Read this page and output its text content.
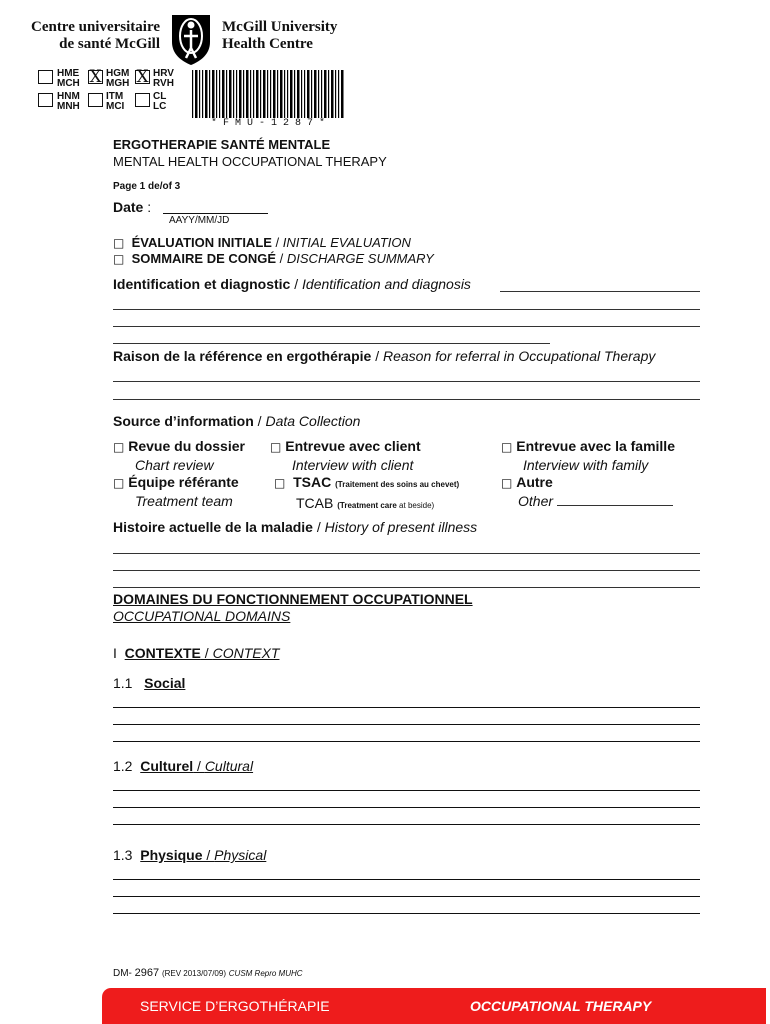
Centre universitaire
de santé McGill
McGill University
Health Centre
HME
MCH X HGM
MGH X HRV
RVH
HNM
MNH
ITM
MCI
CL
LC
* F M U - 1 2 8 7 *
ERGOTHERAPIE SANTÉ MENTALE
MENTAL HEALTH OCCUPATIONAL THERAPY
Page 1 de/of 3
Date :
AAYY/MM/JD
□ ÉVALUATION INITIALE / INITIAL EVALUATION
□ SOMMAIRE DE CONGÉ / DISCHARGE SUMMARY
Identification et diagnostic / Identification and diagnosis
Raison de la référence en ergothérapie / Reason for referral in Occupational Therapy
Source d’information / Data Collection
□ Revue du dossier
Chart review
□ Entrevue avec client
Interview with client
□ Entrevue avec la famille
Interview with family
□ Équipe référante
Treatment team
□ TSAC (Traitement des soins au chevet)
TCAB (Treatment care at beside)
□ Autre
Other
Histoire actuelle de la maladie / History of present illness
DOMAINES DU FONCTIONNEMENT OCCUPATIONNEL
OCCUPATIONAL DOMAINS
I CONTEXTE / CONTEXT
1.1 Social
1.2 Culturel / Cultural
1.3 Physique / Physical
DM- 2967 (REV 2013/07/09) CUSM Repro MUHC
SERVICE D’ERGOTHÉRAPIE	OCCUPATIONAL THERAPY
